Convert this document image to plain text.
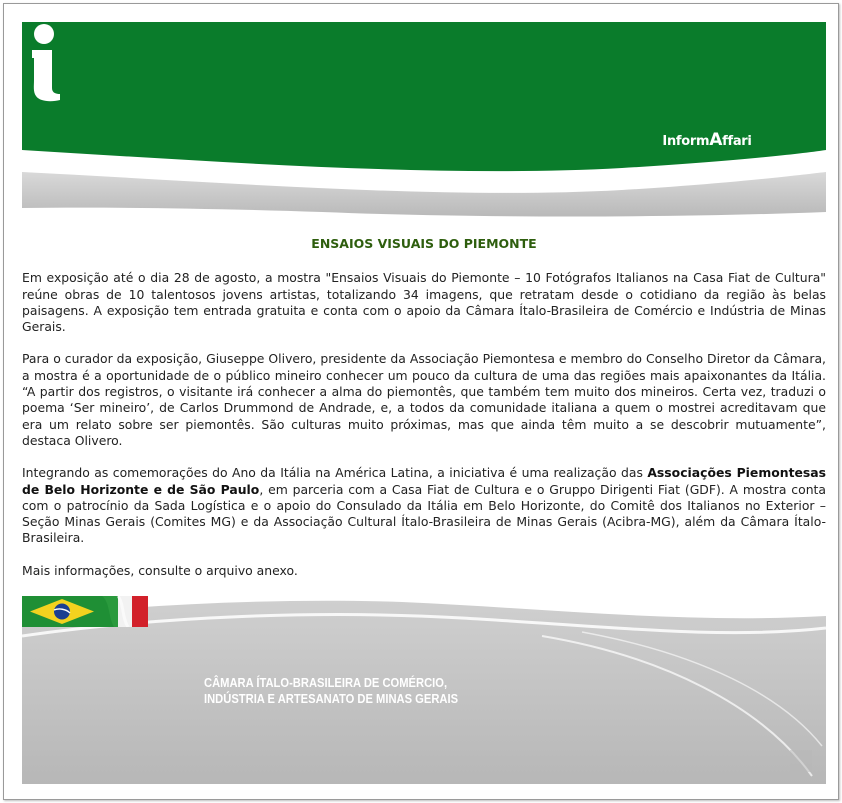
InformAffari
ENSAIOS VISUAIS DO PIEMONTE

Em exposição até o dia 28 de agosto, a mostra "Ensaios Visuais do Piemonte – 10 Fotógrafos Italianos na Casa Fiat de Cultura" reúne obras de 10 talentosos jovens artistas, totalizando 34 imagens, que retratam desde o cotidiano da região às belas paisagens. A exposição tem entrada gratuita e conta com o apoio da Câmara Ítalo-Brasileira de Comércio e Indústria de Minas Gerais.

Para o curador da exposição, Giuseppe Olivero, presidente da Associação Piemontesa e membro do Conselho Diretor da Câmara, a mostra é a oportunidade de o público mineiro conhecer um pouco da cultura de uma das regiões mais apaixonantes da Itália. “A partir dos registros, o visitante irá conhecer a alma do piemontês, que também tem muito dos mineiros. Certa vez, traduzi o poema ‘Ser mineiro’, de Carlos Drummond de Andrade, e, a todos da comunidade italiana a quem o mostrei acreditavam que era um relato sobre ser piemontês. São culturas muito próximas, mas que ainda têm muito a se descobrir mutuamente”, destaca Olivero.

Integrando as comemorações do Ano da Itália na América Latina, a iniciativa é uma realização das Associações Piemontesas de Belo Horizonte e de São Paulo, em parceria com a Casa Fiat de Cultura e o Gruppo Dirigenti Fiat (GDF). A mostra conta com o patrocínio da Sada Logística e o apoio do Consulado da Itália em Belo Horizonte, do Comitê dos Italianos no Exterior – Seção Minas Gerais (Comites MG) e da Associação Cultural Ítalo-Brasileira de Minas Gerais (Acibra-MG), além da Câmara Ítalo-Brasileira.

Mais informações, consulte o arquivo anexo.

CÂMARA ÍTALO-BRASILEIRA DE COMÉRCIO,
INDÚSTRIA E ARTESANATO DE MINAS GERAIS
